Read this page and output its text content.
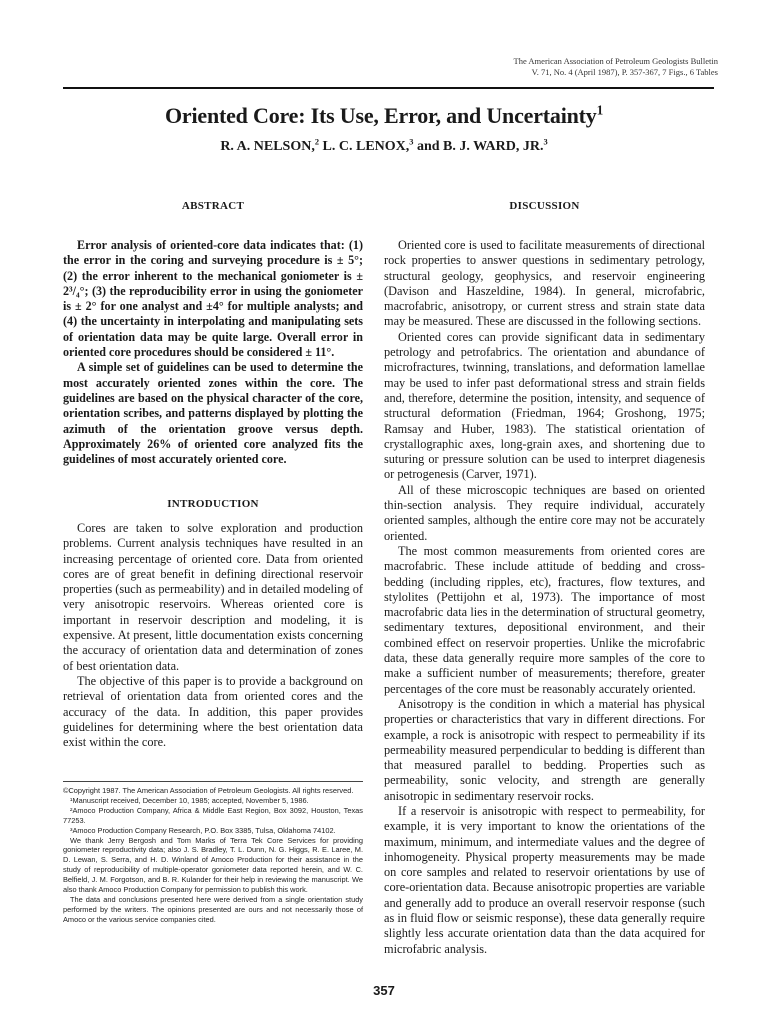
The American Association of Petroleum Geologists Bulletin
V. 71, No. 4 (April 1987), P. 357-367, 7 Figs., 6 Tables
Oriented Core: Its Use, Error, and Uncertainty$^1$
R. A. NELSON,$^2$ L. C. LENOX,$^3$ and B. J. WARD, JR.$^3$
ABSTRACT	DISCUSSION

Error analysis of oriented-core data indicates that: (1) the error in the coring and surveying procedure is ± 5°; (2) the error inherent to the mechanical goniometer is ± 2³/₄°; (3) the reproducibility error in using the goniometer is ± 2° for one analyst and ±4° for multiple analysts; and (4) the uncertainty in interpolating and manipulating sets of orientation data may be quite large. Overall error in oriented core procedures should be considered ± 11°.

A simple set of guidelines can be used to determine the most accurately oriented zones within the core. The guidelines are based on the physical character of the core, orientation scribes, and patterns displayed by plotting the azimuth of the orientation groove versus depth. Approximately 26% of oriented core analyzed fits the guidelines of most accurately oriented core.

INTRODUCTION

Cores are taken to solve exploration and production problems. Current analysis techniques have resulted in an increasing percentage of oriented core. Data from oriented cores are of great benefit in defining directional reservoir properties (such as permeability) and in detailed modeling of very anisotropic reservoirs. Whereas oriented core is important in reservoir description and modeling, it is expensive. At present, little documentation exists concerning the accuracy of orientation data and determination of zones of best orientation data.

The objective of this paper is to provide a background on retrieval of orientation data from oriented cores and the accuracy of the data. In addition, this paper provides guidelines for determining where the best orientation data exist within the core.

©Copyright 1987. The American Association of Petroleum Geologists. All rights reserved.

¹Manuscript received, December 10, 1985; accepted, November 5, 1986.

²Amoco Production Company, Africa & Middle East Region, Box 3092, Houston, Texas 77253.

³Amoco Production Company Research, P.O. Box 3385, Tulsa, Oklahoma 74102.

We thank Jerry Bergosh and Tom Marks of Terra Tek Core Services for providing goniometer reproductivity data; also J. S. Bradley, T. L. Dunn, N. G. Higgs, R. E. Laree, M. D. Lewan, S. Serra, and H. D. Winland of Amoco Production for their assistance in the study of reproducibility of multiple-operator goniometer data reported herein, and W. C. Belfield, J. M. Forgotson, and B. R. Kulander for their help in reviewing the manuscript. We also thank Amoco Production Company for permission to publish this work.

The data and conclusions presented here were derived from a single orientation study performed by the writers. The opinions presented are ours and not necessarily those of Amoco or the various service companies cited.

Oriented core is used to facilitate measurements of directional rock properties to answer questions in sedimentary petrology, structural geology, geophysics, and reservoir engineering (Davison and Haszeldine, 1984). In general, microfabric, macrofabric, anisotropy, or current stress and strain state data may be measured. These are discussed in the following sections.

Oriented cores can provide significant data in sedimentary petrology and petrofabrics. The orientation and abundance of microfractures, twinning, translations, and deformation lamellae may be used to infer past deformational stress and strain fields and, therefore, determine the position, intensity, and sequence of structural deformation (Friedman, 1964; Groshong, 1975; Ramsay and Huber, 1983). The statistical orientation of crystallographic axes, long-grain axes, and shortening due to suturing or pressure solution can be used to interpret diagenesis or petrogenesis (Carver, 1971).

All of these microscopic techniques are based on oriented thin-section analysis. They require individual, accurately oriented samples, although the entire core may not be accurately oriented.

The most common measurements from oriented cores are macrofabric. These include attitude of bedding and cross-bedding (including ripples, etc), fractures, flow textures, and stylolites (Pettijohn et al, 1973). The importance of most macrofabric data lies in the determination of structural geometry, sedimentary textures, depositional environment, and their combined effect on reservoir properties. Unlike the microfabric data, these data generally require more samples of the core to make a sufficient number of measurements; therefore, greater percentages of the core must be reasonably accurately oriented.

Anisotropy is the condition in which a material has physical properties or characteristics that vary in different directions. For example, a rock is anisotropic with respect to permeability if its permeability measured perpendicular to bedding is different than that measured parallel to bedding. Properties such as permeability, sonic velocity, and strength are generally anisotropic in sedimentary reservoir rocks.

If a reservoir is anisotropic with respect to permeability, for example, it is very important to know the orientations of the maximum, minimum, and intermediate values and the degree of inhomogeneity. Physical property measurements may be made on core samples and related to reservoir orientations by use of core-orientation data. Because anisotropic properties are variable and generally add to produce an overall reservoir response (such as in fluid flow or seismic response), these data generally require slightly less accurate orientation data than the data acquired for microfabric analysis.

357
